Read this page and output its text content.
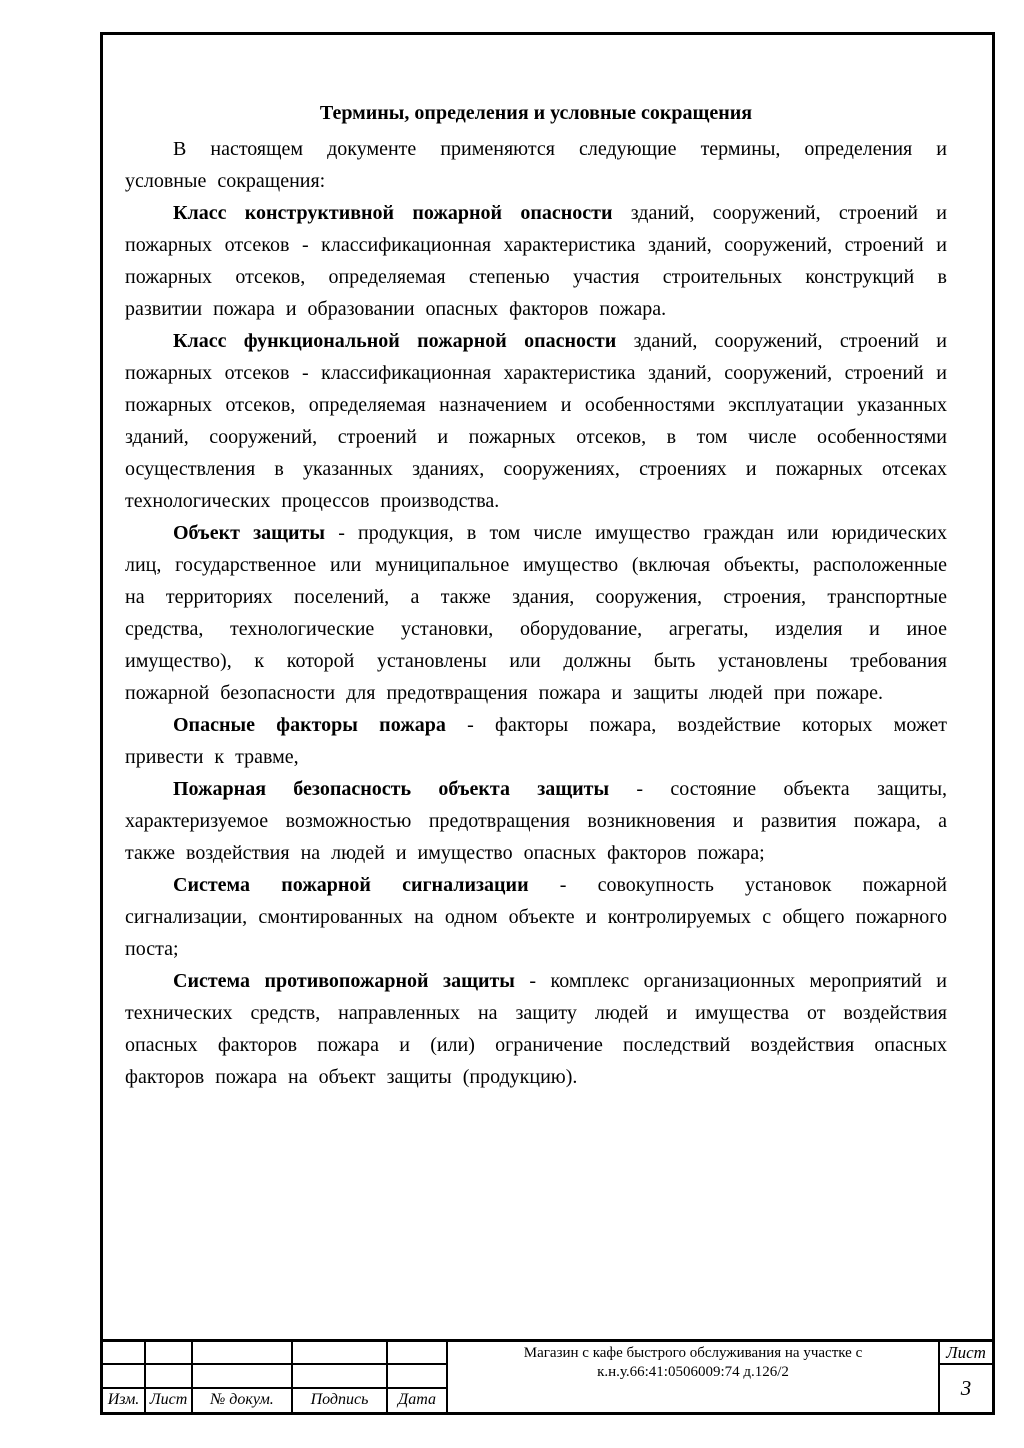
Термины, определения и условные сокращения

В настоящем документе применяются следующие термины, определения и условные сокращения:

Класс конструктивной пожарной опасности зданий, сооружений, строений и пожарных отсеков - классификационная характеристика зданий, сооружений, строений и пожарных отсеков, определяемая степенью участия строительных конструкций в развитии пожара и образовании опасных факторов пожара.

Класс функциональной пожарной опасности зданий, сооружений, строений и пожарных отсеков - классификационная характеристика зданий, сооружений, строений и пожарных отсеков, определяемая назначением и особенностями эксплуатации указанных зданий, сооружений, строений и пожарных отсеков, в том числе особенностями осуществления в указанных зданиях, сооружениях, строениях и пожарных отсеках технологических процессов производства.

Объект защиты - продукция, в том числе имущество граждан или юридических лиц, государственное или муниципальное имущество (включая объекты, расположенные на территориях поселений, а также здания, сооружения, строения, транспортные средства, технологические установки, оборудование, агрегаты, изделия и иное имущество), к которой установлены или должны быть установлены требования пожарной безопасности для предотвращения пожара и защиты людей при пожаре.

Опасные факторы пожара - факторы пожара, воздействие которых может привести к травме,

Пожарная безопасность объекта защиты - состояние объекта защиты, характеризуемое возможностью предотвращения возникновения и развития пожара, а также воздействия на людей и имущество опасных факторов пожара;

Система пожарной сигнализации - совокупность установок пожарной сигнализации, смонтированных на одном объекте и контролируемых с общего пожарного поста;

Система противопожарной защиты - комплекс организационных мероприятий и технических средств, направленных на защиту людей и имущества от воздействия опасных факторов пожара и (или) ограничение последствий воздействия опасных факторов пожара на объект защиты (продукцию).

Изм. Лист	№ докум.	Подпись	Дата
Магазин с кафе быстрого обслуживания на участке с к.н.у.66:41:0506009:74 д.126/2
Лист
3
